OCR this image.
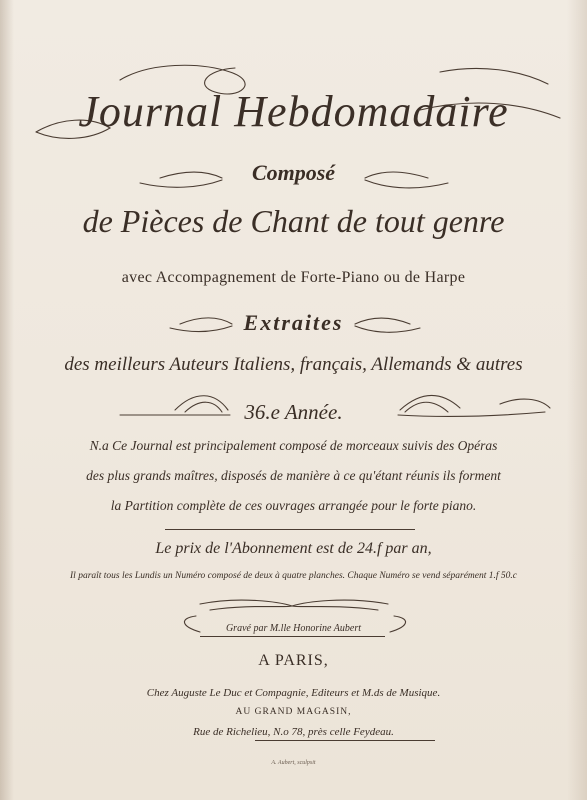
Journal Hebdomadaire
Composé
de Pièces de Chant de tout genre
avec Accompagnement de Forte-Piano ou de Harpe
Extraites
des meilleurs Auteurs Italiens, français, Allemands & autres
36.e Année.
N.a Ce Journal est principalement composé de morceaux suivis des Opéras
des plus grands maîtres, disposés de manière à ce qu'étant réunis ils forment
la Partition complète de ces ouvrages arrangée pour le forte piano.
Le prix de l'Abonnement est de 24.f par an,
Il paraît tous les Lundis un Numéro composé de deux à quatre planches. Chaque Numéro se vend séparément 1.f 50.c
Gravé par M.lle Honorine Aubert
A PARIS,
Chez Auguste Le Duc et Compagnie, Editeurs et M.ds de Musique.
AU GRAND MAGASIN,
Rue de Richelieu, N.o 78, près celle Feydeau.
A. Aubert, sculpsit
